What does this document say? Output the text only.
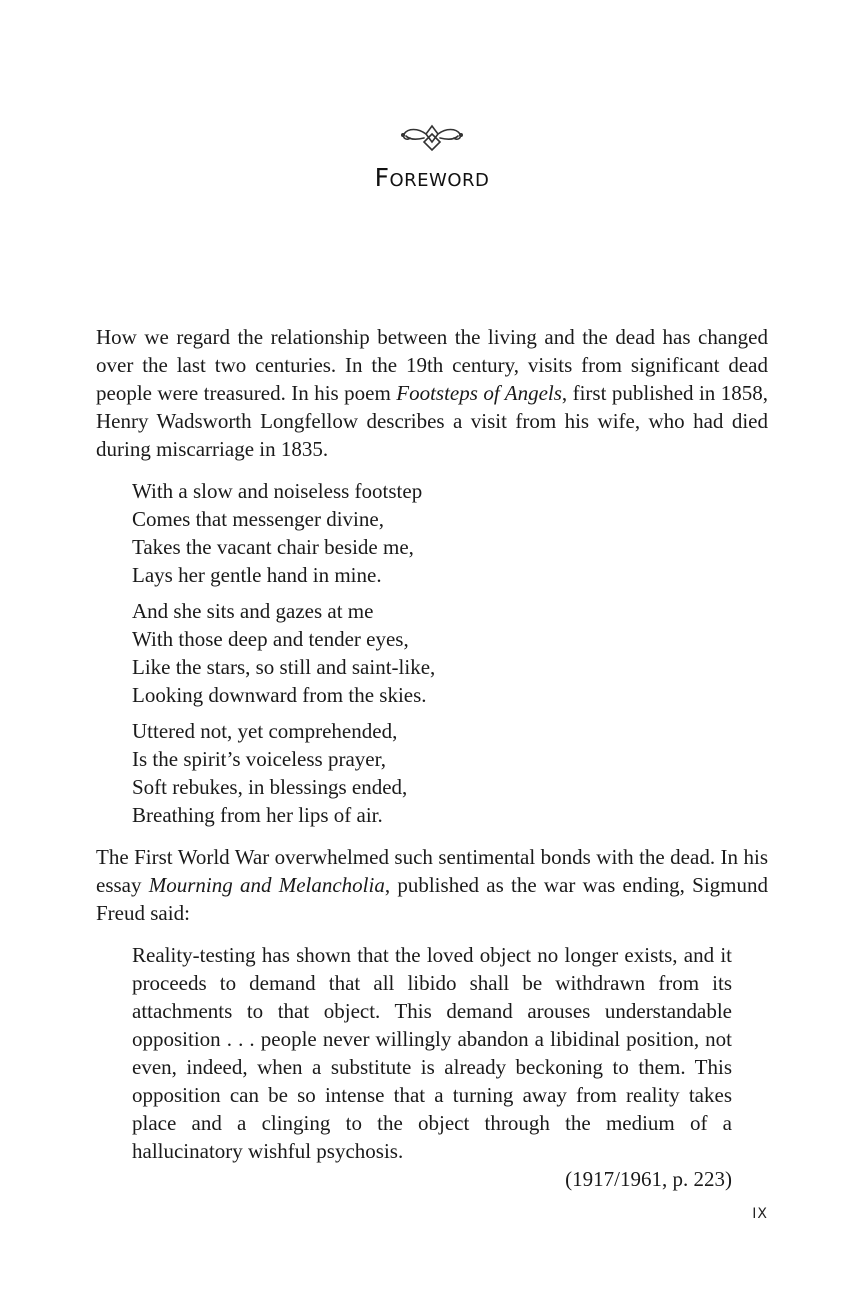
Foreword

How we regard the relationship between the living and the dead has changed over the last two centuries. In the 19th century, visits from significant dead people were treasured. In his poem Footsteps of Angels, first published in 1858, Henry Wadsworth Longfellow describes a visit from his wife, who had died during miscarriage in 1835.

With a slow and noiseless footstep
Comes that messenger divine,
Takes the vacant chair beside me,
Lays her gentle hand in mine.
And she sits and gazes at me
With those deep and tender eyes,
Like the stars, so still and saint-like,
Looking downward from the skies.
Uttered not, yet comprehended,
Is the spirit’s voiceless prayer,
Soft rebukes, in blessings ended,
Breathing from her lips of air.

The First World War overwhelmed such sentimental bonds with the dead. In his essay Mourning and Melancholia, published as the war was ending, Sigmund Freud said:

Reality-testing has shown that the loved object no longer exists, and it proceeds to demand that all libido shall be withdrawn from its attachments to that object. This demand arouses understandable opposition . . . people never willingly abandon a libidinal position, not even, indeed, when a substitute is already beckoning to them. This opposition can be so intense that a turning away from reality takes place and a clinging to the object through the medium of a hallucinatory wishful psychosis.

(1917/1961, p. 223)

IX
